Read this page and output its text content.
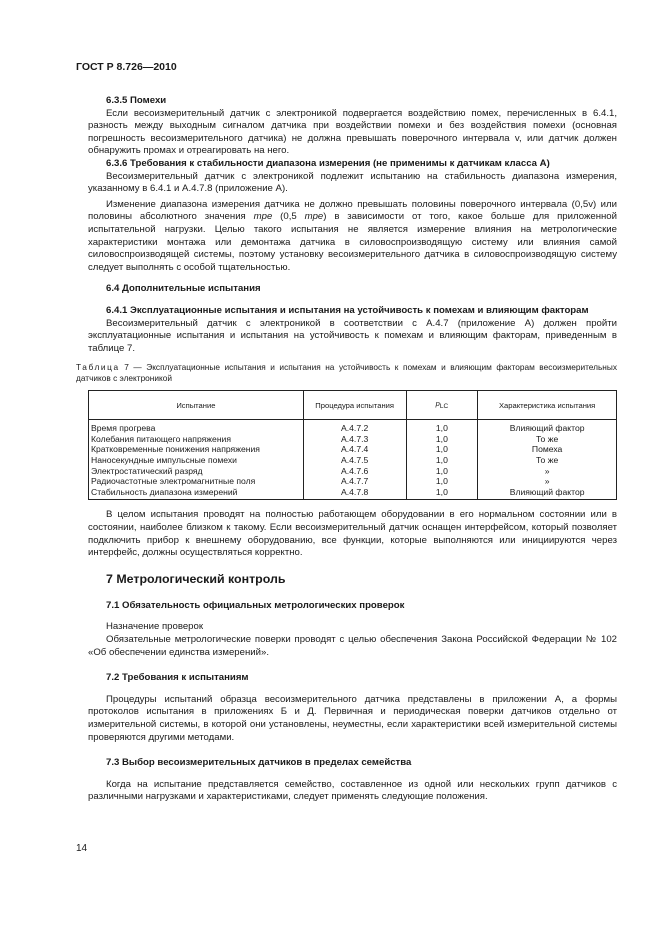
ГОСТ Р 8.726—2010

6.3.5 Помехи

Если весоизмерительный датчик с электроникой подвергается воздействию помех, перечисленных в 6.4.1, разность между выходным сигналом датчика при воздействии помехи и без воздействия помехи (основная погрешность весоизмерительного датчика) не должна превышать поверочного интервала v, или датчик должен обнаружить промах и отреагировать на него.

6.3.6 Требования к стабильности диапазона измерения (не применимы к датчикам класса А)

Весоизмерительный датчик с электроникой подлежит испытанию на стабильность диапазона измерения, указанному в 6.4.1 и А.4.7.8 (приложение А).

Изменение диапазона измерения датчика не должно превышать половины поверочного интервала (0,5v) или половины абсолютного значения mpe (0,5 mpe) в зависимости от того, какое больше для приложенной испытательной нагрузки. Целью такого испытания не является измерение влияния на метрологические характеристики монтажа или демонтажа датчика в силовоспроизводящую систему или влияния самой силовоспроизводящей системы, поэтому установку весоизмерительного датчика в силовоспроизводящую систему следует выполнять с особой тщательностью.

6.4 Дополнительные испытания

6.4.1 Эксплуатационные испытания и испытания на устойчивость к помехам и влияющим факторам

Весоизмерительный датчик с электроникой в соответствии с А.4.7 (приложение А) должен пройти эксплуатационные испытания и испытания на устойчивость к помехам и влияющим факторам, приведенным в таблице 7.

Таблица 7 — Эксплуатационные испытания и испытания на устойчивость к помехам и влияющим факторам весоизмерительных датчиков с электроникой
Испытание	Процедура испытания	pLC	Характеристика испытания
Время прогрева	А.4.7.2	1,0	Влияющий фактор
Колебания питающего напряжения	А.4.7.3	1,0	То же
Кратковременные понижения напряжения	А.4.7.4	1,0	Помеха
Наносекундные импульсные помехи	А.4.7.5	1,0	То же
Электростатический разряд	А.4.7.6	1,0	»
Радиочастотные электромагнитные поля	А.4.7.7	1,0	»
Стабильность диапазона измерений	А.4.7.8	1,0	Влияющий фактор

В целом испытания проводят на полностью работающем оборудовании в его нормальном состоянии или в состоянии, наиболее близком к такому. Если весоизмерительный датчик оснащен интерфейсом, который позволяет подключить прибор к внешнему оборудованию, все функции, которые выполняются или инициируются через интерфейс, должны осуществляться корректно.

7 Метрологический контроль

7.1 Обязательность официальных метрологических проверок

Назначение проверок

Обязательные метрологические поверки проводят с целью обеспечения Закона Российской Федерации № 102 «Об обеспечении единства измерений».

7.2 Требования к испытаниям

Процедуры испытаний образца весоизмерительного датчика представлены в приложении А, а формы протоколов испытания в приложениях Б и Д. Первичная и периодическая поверки датчиков отдельно от измерительной системы, в которой они установлены, неуместны, если характеристики всей измерительной системы проверяются другими методами.

7.3 Выбор весоизмерительных датчиков в пределах семейства

Когда на испытание представляется семейство, составленное из одной или нескольких групп датчиков с различными нагрузками и характеристиками, следует применять следующие положения.

14
